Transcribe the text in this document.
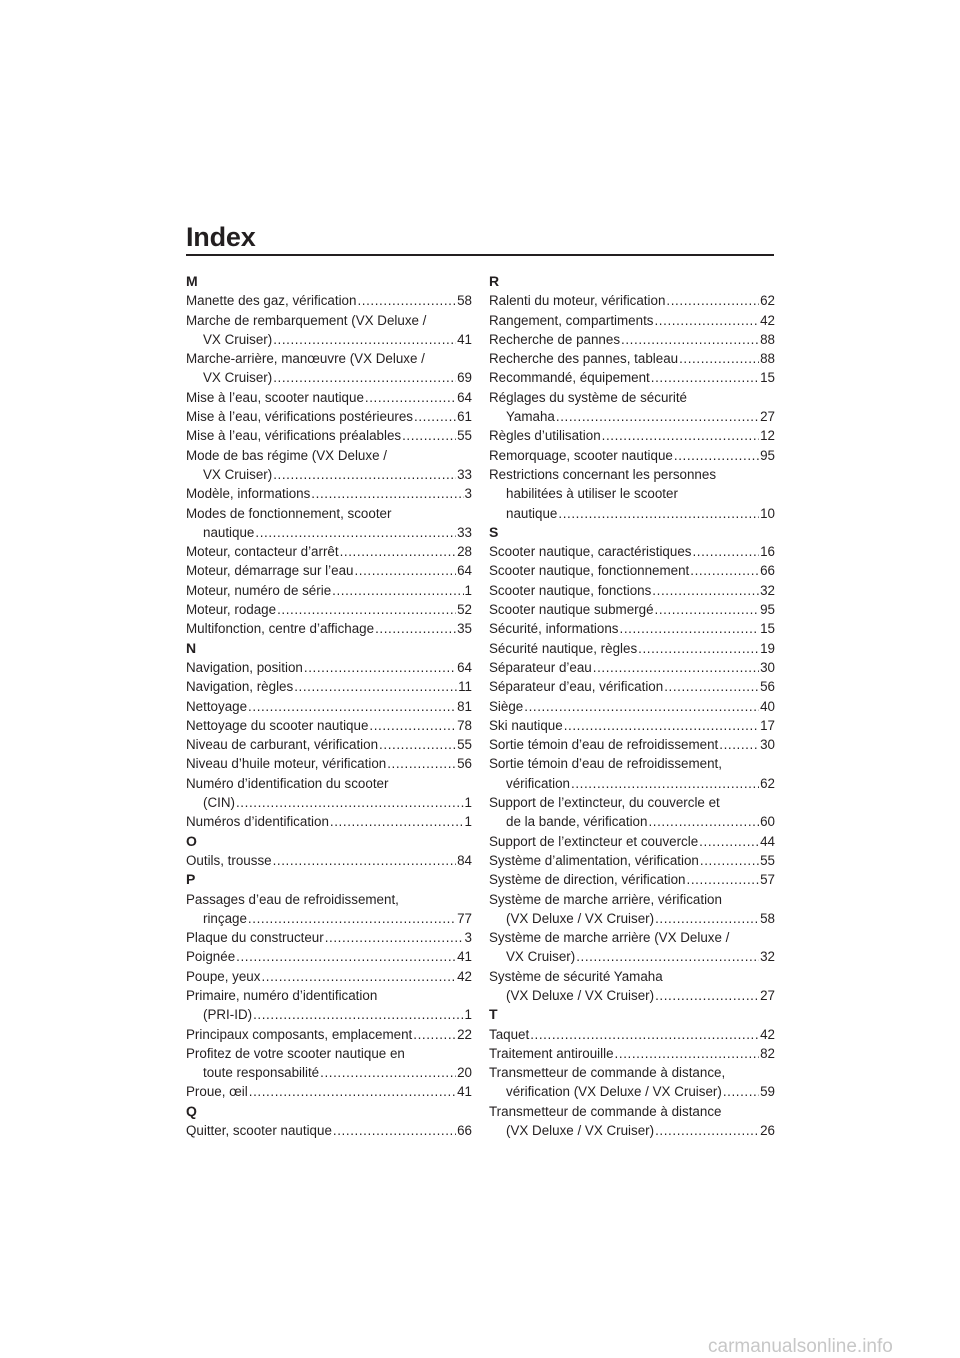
Index
M
Manette des gaz, vérification .....	58
Marche de rembarquement (VX Deluxe /
VX Cruiser) .....	41
Marche-arrière, manœuvre (VX Deluxe /
VX Cruiser) .....	69
Mise à l’eau, scooter nautique .....	64
Mise à l’eau, vérifications postérieures .....	61
Mise à l’eau, vérifications préalables .....	55
Mode de bas régime (VX Deluxe /
VX Cruiser) .....	33
Modèle, informations .....	3
Modes de fonctionnement, scooter
nautique .....	33
Moteur, contacteur d’arrêt .....	28
Moteur, démarrage sur l’eau .....	64
Moteur, numéro de série .....	1
Moteur, rodage .....	52
Multifonction, centre d’affichage .....	35
N
Navigation, position .....	64
Navigation, règles .....	11
Nettoyage .....	81
Nettoyage du scooter nautique .....	78
Niveau de carburant, vérification .....	55
Niveau d’huile moteur, vérification .....	56
Numéro d’identification du scooter
(CIN) .....	1
Numéros d’identification .....	1
O
Outils, trousse .....	84
P
Passages d’eau de refroidissement,
rinçage .....	77
Plaque du constructeur .....	3
Poignée .....	41
Poupe, yeux .....	42
Primaire, numéro d’identification
(PRI-ID) .....	1
Principaux composants, emplacement .....	22
Profitez de votre scooter nautique en
toute responsabilité .....	20
Proue, œil .....	41
Q
Quitter, scooter nautique .....	66
R
Ralenti du moteur, vérification .....	62
Rangement, compartiments .....	42
Recherche de pannes .....	88
Recherche des pannes, tableau .....	88
Recommandé, équipement .....	15
Réglages du système de sécurité
Yamaha .....	27
Règles d’utilisation .....	12
Remorquage, scooter nautique .....	95
Restrictions concernant les personnes
habilitées à utiliser le scooter
nautique .....	10
S
Scooter nautique, caractéristiques .....	16
Scooter nautique, fonctionnement .....	66
Scooter nautique, fonctions .....	32
Scooter nautique submergé .....	95
Sécurité, informations .....	15
Sécurité nautique, règles .....	19
Séparateur d’eau .....	30
Séparateur d’eau, vérification .....	56
Siège .....	40
Ski nautique .....	17
Sortie témoin d’eau de refroidissement .....	30
Sortie témoin d’eau de refroidissement,
vérification .....	62
Support de l’extincteur, du couvercle et
de la bande, vérification .....	60
Support de l’extincteur et couvercle .....	44
Système d’alimentation, vérification .....	55
Système de direction, vérification .....	57
Système de marche arrière, vérification
(VX Deluxe / VX Cruiser) .....	58
Système de marche arrière (VX Deluxe /
VX Cruiser) .....	32
Système de sécurité Yamaha
(VX Deluxe / VX Cruiser) .....	27
T
Taquet .....	42
Traitement antirouille .....	82
Transmetteur de commande à distance,
vérification (VX Deluxe / VX Cruiser) .....	59
Transmetteur de commande à distance
(VX Deluxe / VX Cruiser) .....	26
carmanualsonline.info
